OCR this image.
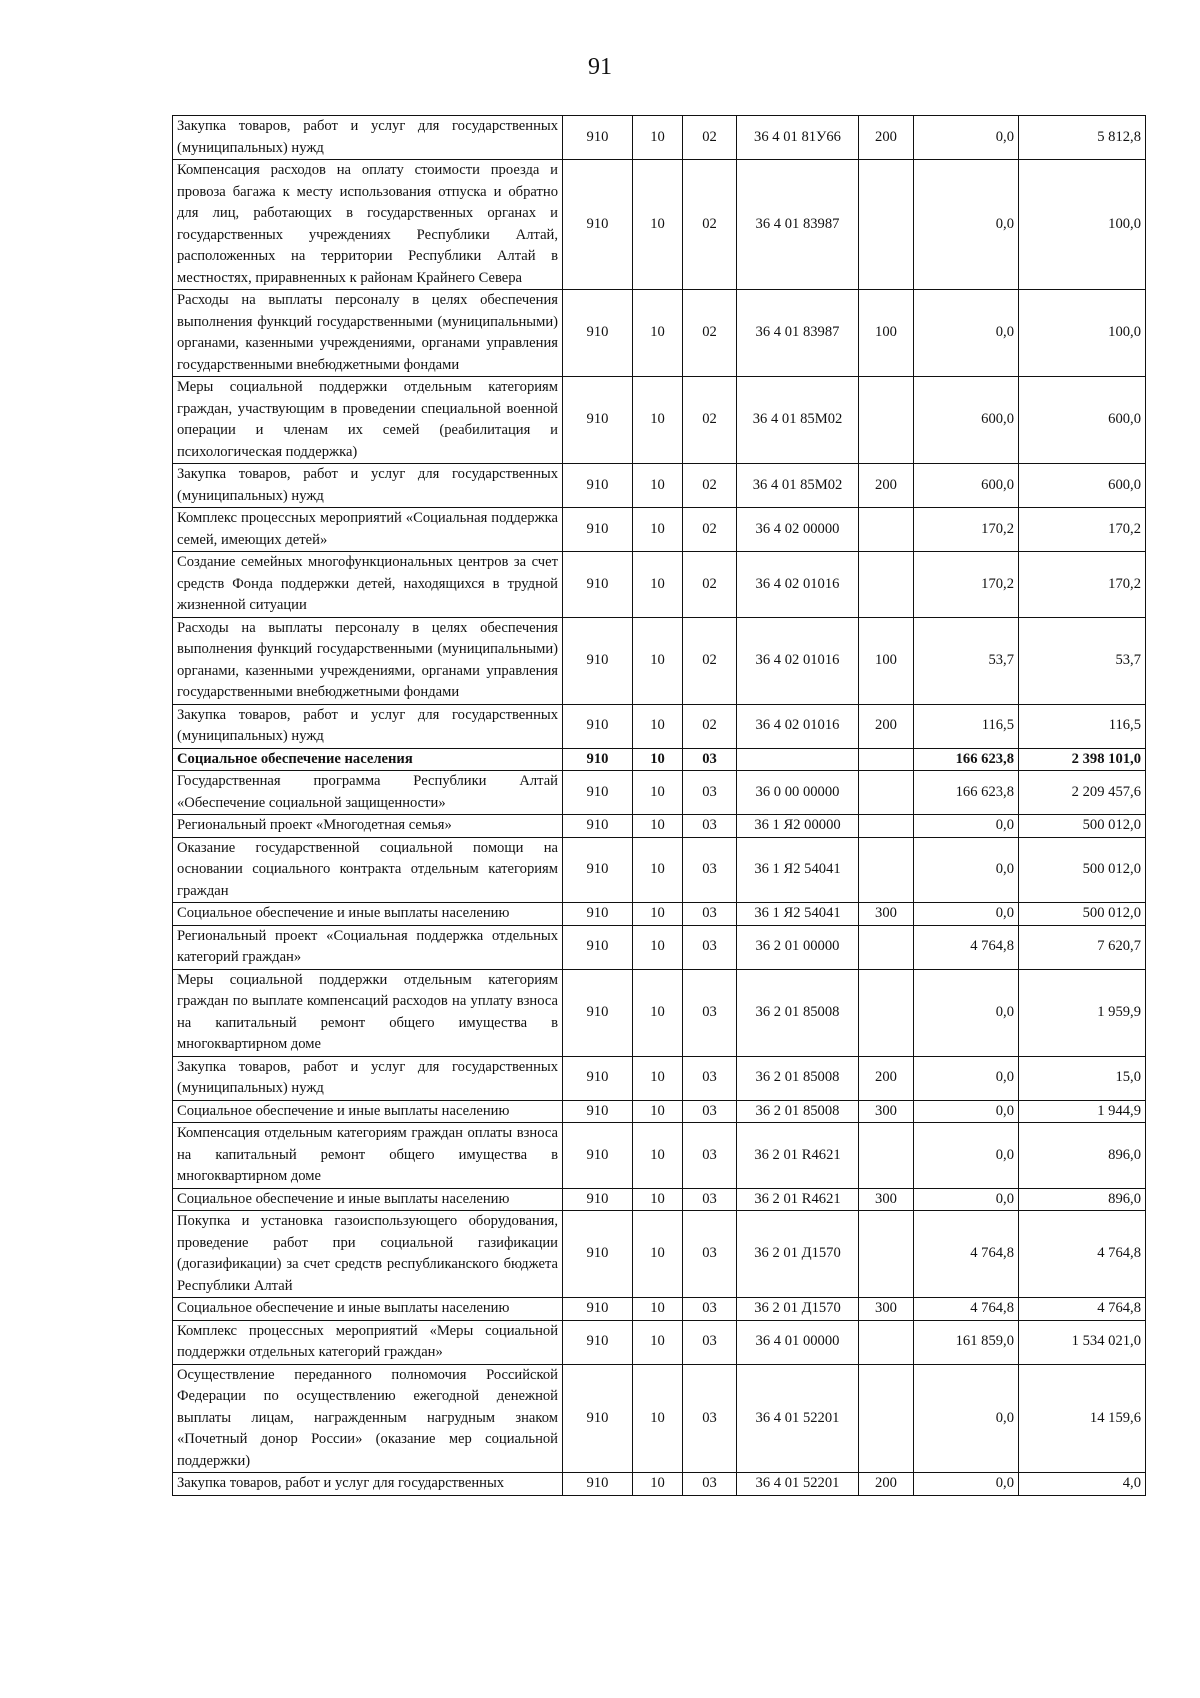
91
Закупка товаров, работ и услуг для государственных (муниципальных) нужд	910	10	02	36 4 01 81У66	200	0,0	5 812,8
Компенсация расходов на оплату стоимости проезда и провоза багажа к месту использования отпуска и обратно для лиц, работающих в государственных органах и государственных учреждениях Республики Алтай, расположенных на территории Республики Алтай в местностях, приравненных к районам Крайнего Севера	910	10	02	36 4 01 83987		0,0	100,0
Расходы на выплаты персоналу в целях обеспечения выполнения функций государственными (муниципальными) органами, казенными учреждениями, органами управления государственными внебюджетными фондами	910	10	02	36 4 01 83987	100	0,0	100,0
Меры социальной поддержки отдельным категориям граждан, участвующим в проведении специальной военной операции и членам их семей (реабилитация и психологическая поддержка)	910	10	02	36 4 01 85М02		600,0	600,0
Закупка товаров, работ и услуг для государственных (муниципальных) нужд	910	10	02	36 4 01 85М02	200	600,0	600,0
Комплекс процессных мероприятий «Социальная поддержка семей, имеющих детей»	910	10	02	36 4 02 00000		170,2	170,2
Создание семейных многофункциональных центров за счет средств Фонда поддержки детей, находящихся в трудной жизненной ситуации	910	10	02	36 4 02 01016		170,2	170,2
Расходы на выплаты персоналу в целях обеспечения выполнения функций государственными (муниципальными) органами, казенными учреждениями, органами управления государственными внебюджетными фондами	910	10	02	36 4 02 01016	100	53,7	53,7
Закупка товаров, работ и услуг для государственных (муниципальных) нужд	910	10	02	36 4 02 01016	200	116,5	116,5
Социальное обеспечение населения	910	10	03			166 623,8	2 398 101,0
Государственная программа Республики Алтай «Обеспечение социальной защищенности»	910	10	03	36 0 00 00000		166 623,8	2 209 457,6
Региональный проект «Многодетная семья»	910	10	03	36 1 Я2 00000		0,0	500 012,0
Оказание государственной социальной помощи на основании социального контракта отдельным категориям граждан	910	10	03	36 1 Я2 54041		0,0	500 012,0
Социальное обеспечение и иные выплаты населению	910	10	03	36 1 Я2 54041	300	0,0	500 012,0
Региональный проект «Социальная поддержка отдельных категорий граждан»	910	10	03	36 2 01 00000		4 764,8	7 620,7
Меры социальной поддержки отдельным категориям граждан по выплате компенсаций расходов на уплату взноса на капитальный ремонт общего имущества в многоквартирном доме	910	10	03	36 2 01 85008		0,0	1 959,9
Закупка товаров, работ и услуг для государственных (муниципальных) нужд	910	10	03	36 2 01 85008	200	0,0	15,0
Социальное обеспечение и иные выплаты населению	910	10	03	36 2 01 85008	300	0,0	1 944,9
Компенсация отдельным категориям граждан оплаты взноса на капитальный ремонт общего имущества в многоквартирном доме	910	10	03	36 2 01 R4621		0,0	896,0
Социальное обеспечение и иные выплаты населению	910	10	03	36 2 01 R4621	300	0,0	896,0
Покупка и установка газоиспользующего оборудования, проведение работ при социальной газификации (догазификации) за счет средств республиканского бюджета Республики Алтай	910	10	03	36 2 01 Д1570		4 764,8	4 764,8
Социальное обеспечение и иные выплаты населению	910	10	03	36 2 01 Д1570	300	4 764,8	4 764,8
Комплекс процессных мероприятий «Меры социальной поддержки отдельных категорий граждан»	910	10	03	36 4 01 00000		161 859,0	1 534 021,0
Осуществление переданного полномочия Российской Федерации по осуществлению ежегодной денежной выплаты лицам, награжденным нагрудным знаком «Почетный донор России» (оказание мер социальной поддержки)	910	10	03	36 4 01 52201		0,0	14 159,6
Закупка товаров, работ и услуг для государственных	910	10	03	36 4 01 52201	200	0,0	4,0
